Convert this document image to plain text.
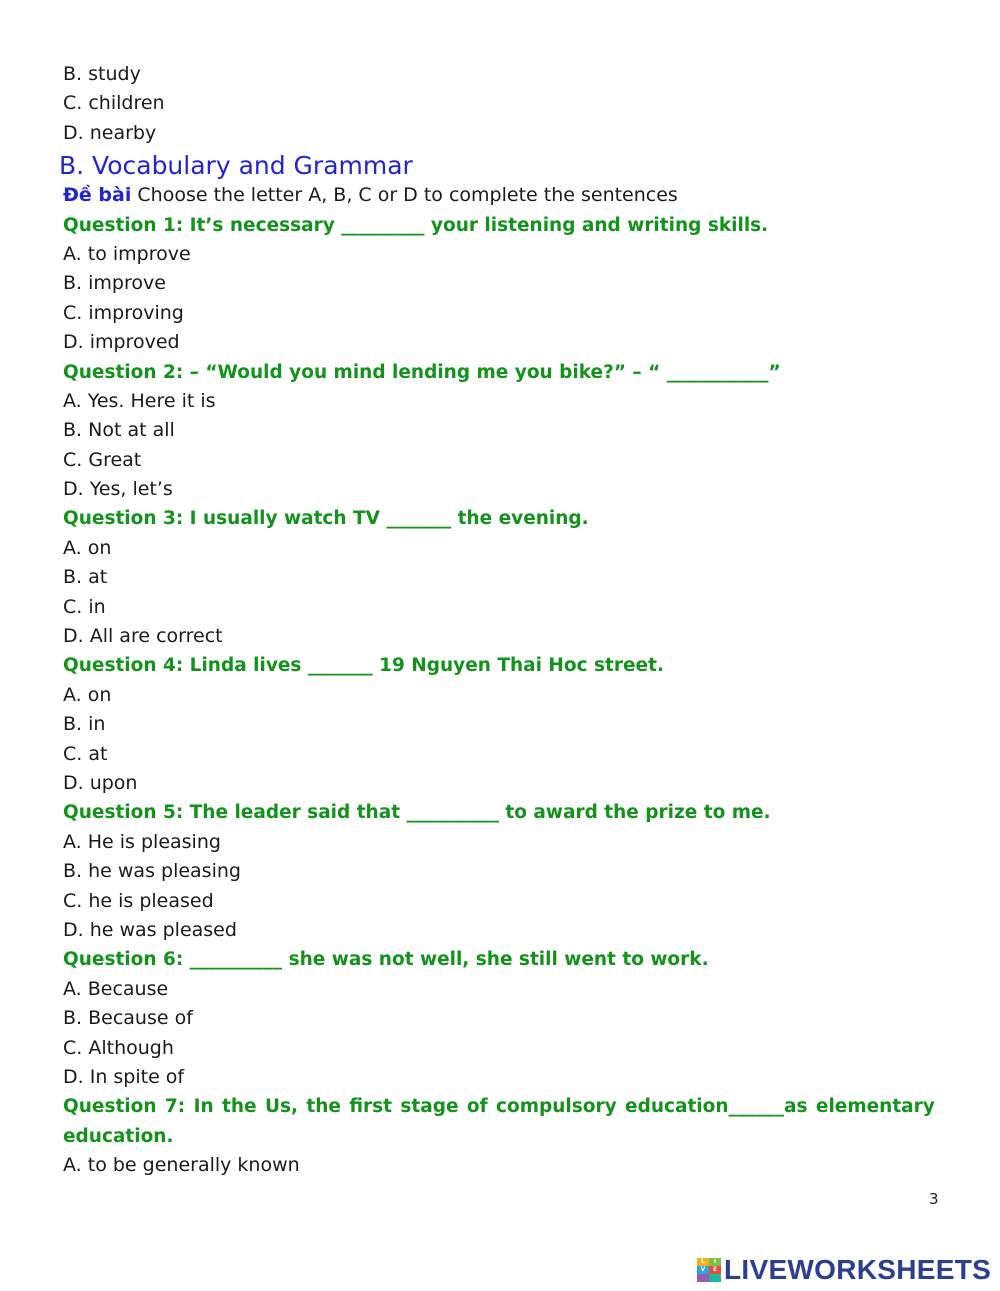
B. study
C. children
D. nearby
B. Vocabulary and Grammar
Đề bài Choose the letter A, B, C or D to complete the sentences
Question 1: It’s necessary _________ your listening and writing skills.
A. to improve
B. improve
C. improving
D. improved
Question 2: – “Would you mind lending me you bike?” – “ ___________”
A. Yes. Here it is
B. Not at all
C. Great
D. Yes, let’s
Question 3: I usually watch TV _______ the evening.
A. on
B. at
C. in
D. All are correct
Question 4: Linda lives _______ 19 Nguyen Thai Hoc street.
A. on
B. in
C. at
D. upon
Question 5: The leader said that __________ to award the prize to me.
A. He is pleasing
B. he was pleasing
C. he is pleased
D. he was pleased
Question 6: __________ she was not well, she still went to work.
A. Because
B. Because of
C. Although
D. In spite of
Question 7: In the Us, the first stage of compulsory education______as elementary
education.
A. to be generally known
3
L	I
V	E LIVEWORKSHEETS
